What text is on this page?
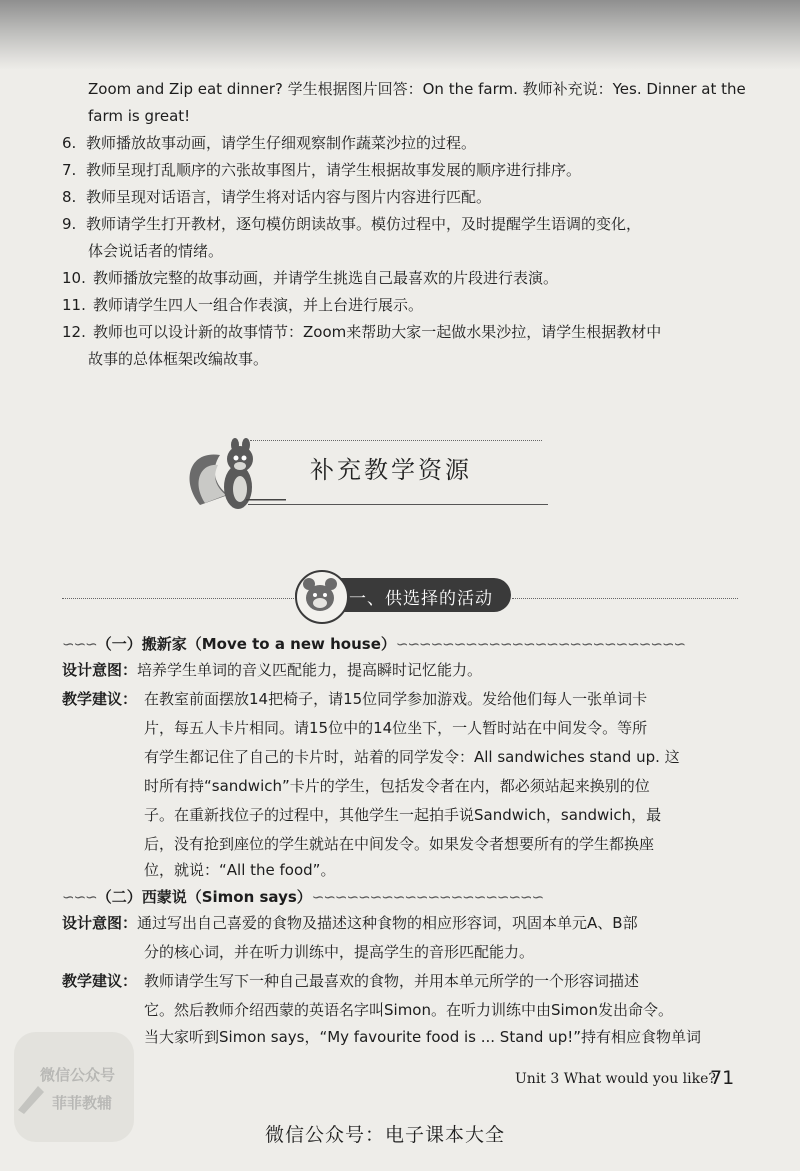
Zoom and Zip eat dinner? 学生根据图片回答：On the farm. 教师补充说：Yes. Dinner at the
farm is great!
6. 教师播放故事动画，请学生仔细观察制作蔬菜沙拉的过程。
7. 教师呈现打乱顺序的六张故事图片，请学生根据故事发展的顺序进行排序。
8. 教师呈现对话语言，请学生将对话内容与图片内容进行匹配。
9. 教师请学生打开教材，逐句模仿朗读故事。模仿过程中，及时提醒学生语调的变化，
体会说话者的情绪。
10. 教师播放完整的故事动画，并请学生挑选自己最喜欢的片段进行表演。
11. 教师请学生四人一组合作表演，并上台进行展示。
12. 教师也可以设计新的故事情节：Zoom来帮助大家一起做水果沙拉，请学生根据教材中
故事的总体框架改编故事。
补充教学资源
一、供选择的活动
∽∽∽（一）搬新家（Move to a new house）∽∽∽∽∽∽∽∽∽∽∽∽∽∽∽∽∽∽∽∽∽∽∽∽∽
设计意图：培养学生单词的音义匹配能力，提高瞬时记忆能力。
教学建议： 在教室前面摆放14把椅子，请15位同学参加游戏。发给他们每人一张单词卡
片，每五人卡片相同。请15位中的14位坐下，一人暂时站在中间发令。等所
有学生都记住了自己的卡片时，站着的同学发令：All sandwiches stand up. 这
时所有持“sandwich”卡片的学生，包括发令者在内，都必须站起来换别的位
子。在重新找位子的过程中，其他学生一起拍手说Sandwich，sandwich，最
后，没有抢到座位的学生就站在中间发令。如果发令者想要所有的学生都换座
位，就说：“All the food”。
∽∽∽（二）西蒙说（Simon says）∽∽∽∽∽∽∽∽∽∽∽∽∽∽∽∽∽∽∽∽
设计意图：通过写出自己喜爱的食物及描述这种食物的相应形容词，巩固本单元A、B部
分的核心词，并在听力训练中，提高学生的音形匹配能力。
教学建议： 教师请学生写下一种自己最喜欢的食物，并用本单元所学的一个形容词描述
它。然后教师介绍西蒙的英语名字叫Simon。在听力训练中由Simon发出命令。
当大家听到Simon says，“My favourite food is ... Stand up!”持有相应食物单词
Unit 3 What would you like?
71
微信公众号：电子课本大全
微信公众号
菲菲教辅
